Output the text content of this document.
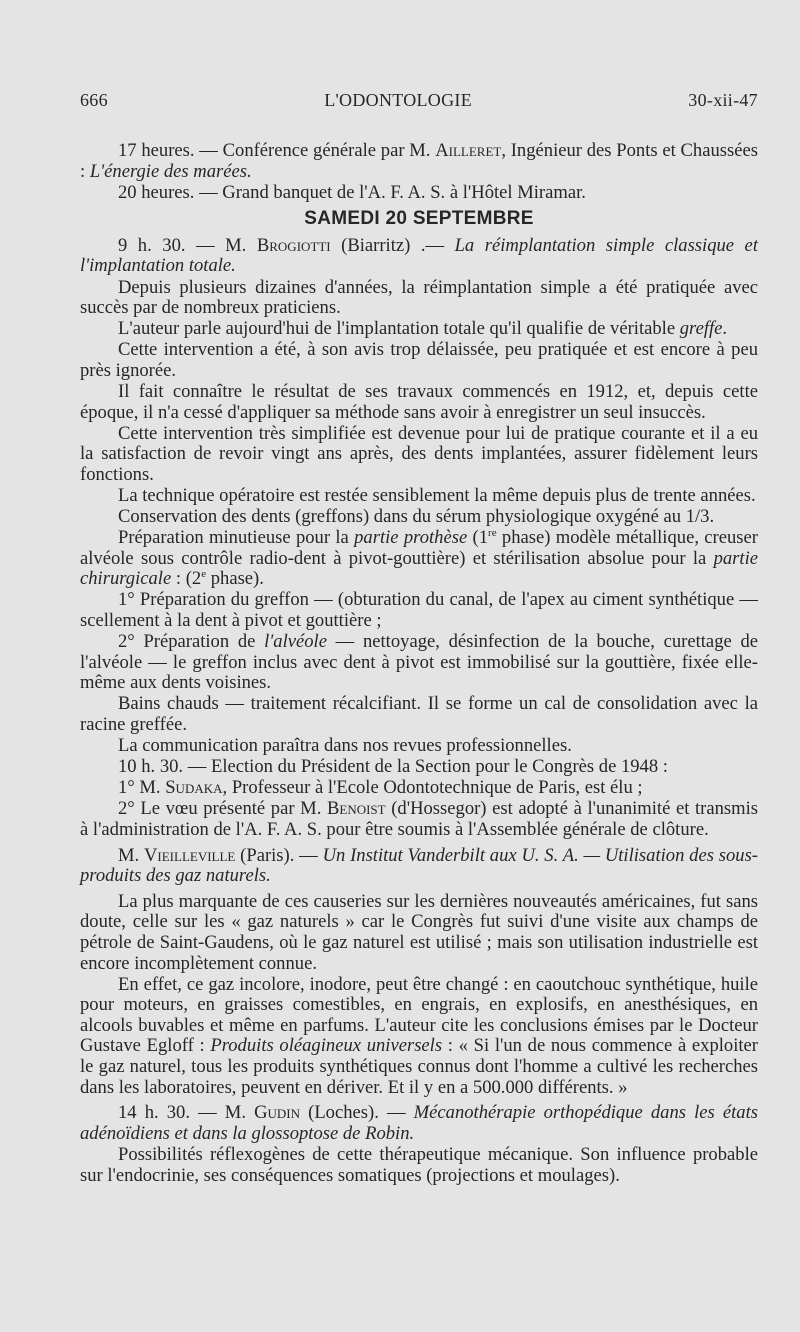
666	L'ODONTOLOGIE	30-xii-47

17 heures. — Conférence générale par M. Ailleret, Ingénieur des Ponts et Chaussées : L'énergie des marées.

20 heures. — Grand banquet de l'A. F. A. S. à l'Hôtel Miramar.

SAMEDI 20 SEPTEMBRE

9 h. 30. — M. Brogiotti (Biarritz) .— La réimplantation simple classique et l'implantation totale.

Depuis plusieurs dizaines d'années, la réimplantation simple a été pratiquée avec succès par de nombreux praticiens.

L'auteur parle aujourd'hui de l'implantation totale qu'il qualifie de véritable greffe.

Cette intervention a été, à son avis trop délaissée, peu pratiquée et est encore à peu près ignorée.

Il fait connaître le résultat de ses travaux commencés en 1912, et, depuis cette époque, il n'a cessé d'appliquer sa méthode sans avoir à enregistrer un seul insuccès.

Cette intervention très simplifiée est devenue pour lui de pratique courante et il a eu la satisfaction de revoir vingt ans après, des dents implantées, assurer fidèlement leurs fonctions.

La technique opératoire est restée sensiblement la même depuis plus de trente années.

Conservation des dents (greffons) dans du sérum physiologique oxygéné au 1/3.

Préparation minutieuse pour la partie prothèse (1re phase) modèle métallique, creuser alvéole sous contrôle radio-dent à pivot-gouttière) et stérilisation absolue pour la partie chirurgicale : (2e phase).

1° Préparation du greffon — (obturation du canal, de l'apex au ciment synthétique — scellement à la dent à pivot et gouttière ;

2° Préparation de l'alvéole — nettoyage, désinfection de la bouche, curettage de l'alvéole — le greffon inclus avec dent à pivot est immobilisé sur la gouttière, fixée elle-même aux dents voisines.

Bains chauds — traitement récalcifiant. Il se forme un cal de consolidation avec la racine greffée.

La communication paraîtra dans nos revues professionnelles.

10 h. 30. — Election du Président de la Section pour le Congrès de 1948 :

1° M. Sudaka, Professeur à l'Ecole Odontotechnique de Paris, est élu ;

2° Le vœu présenté par M. Benoist (d'Hossegor) est adopté à l'unanimité et transmis à l'administration de l'A. F. A. S. pour être soumis à l'Assemblée générale de clôture.

M. Vieilleville (Paris). — Un Institut Vanderbilt aux U. S. A. — Utilisation des sous-produits des gaz naturels.

La plus marquante de ces causeries sur les dernières nouveautés américaines, fut sans doute, celle sur les « gaz naturels » car le Congrès fut suivi d'une visite aux champs de pétrole de Saint-Gaudens, où le gaz naturel est utilisé ; mais son utilisation industrielle est encore incomplètement connue.

En effet, ce gaz incolore, inodore, peut être changé : en caoutchouc synthétique, huile pour moteurs, en graisses comestibles, en engrais, en explosifs, en anesthésiques, en alcools buvables et même en parfums. L'auteur cite les conclusions émises par le Docteur Gustave Egloff : Produits oléagineux universels : « Si l'un de nous commence à exploiter le gaz naturel, tous les produits synthétiques connus dont l'homme a cultivé les recherches dans les laboratoires, peuvent en dériver. Et il y en a 500.000 différents. »

14 h. 30. — M. Gudin (Loches). — Mécanothérapie orthopédique dans les états adénoïdiens et dans la glossoptose de Robin.

Possibilités réflexogènes de cette thérapeutique mécanique. Son influence probable sur l'endocrinie, ses conséquences somatiques (projections et moulages).
